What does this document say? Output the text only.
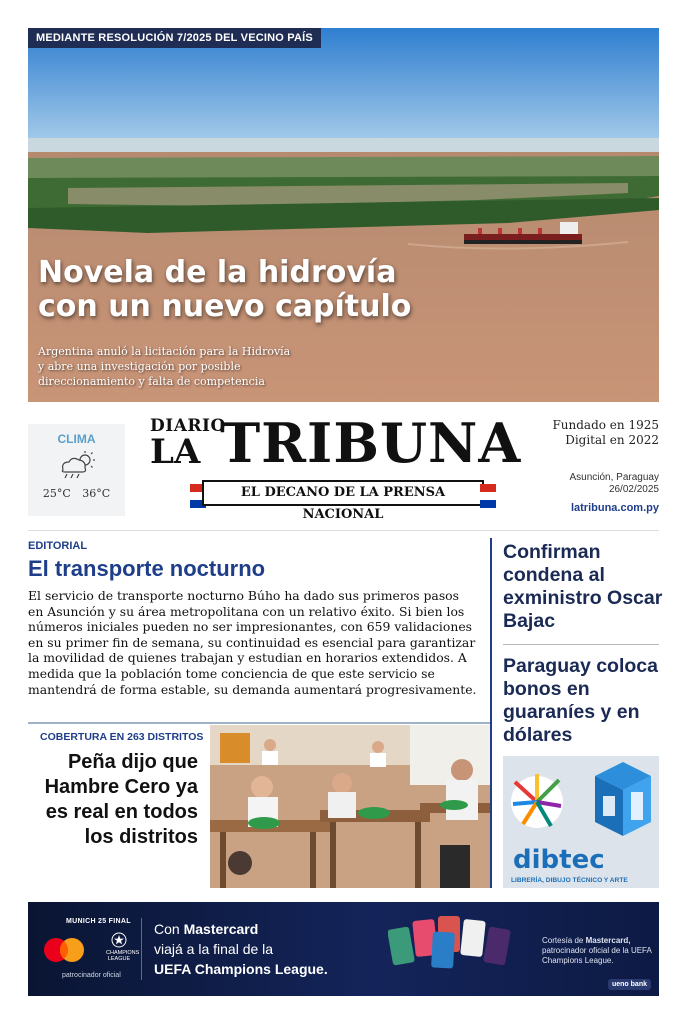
MEDIANTE RESOLUCIÓN 7/2025 DEL VECINO PAÍS
Novela de la hidrovía con un nuevo capítulo
Argentina anuló la licitación para la Hidrovía y abre una investigación por posible direccionamiento y falta de competencia
CLIMA
25°C 36°C
DIARIO
LA TRIBUNA
EL DECANO DE LA PRENSA NACIONAL
Fundado en 1925
Digital en 2022
Asunción, Paraguay
26/02/2025
latribuna.com.py
EDITORIAL
El transporte nocturno
El servicio de transporte nocturno Búho ha dado sus primeros pasos en Asunción y su área metropolitana con un relativo éxito. Si bien los números iniciales pueden no ser impresionantes, con 659 validaciones en su primer fin de semana, su continuidad es esencial para garantizar la movilidad de quienes trabajan y estudian en horarios extendidos. A medida que la población tome conciencia de que este servicio se mantendrá de forma estable, su demanda aumentará progresivamente.
Confirman condena al exministro Oscar Bajac
Paraguay coloca bonos en guaraníes y en dólares
dibtec
LIBRERÍA, DIBUJO TÉCNICO Y ARTE
COBERTURA EN 263 DISTRITOS
Peña dijo que Hambre Cero ya es real en todos los distritos
MUNICH 25 FINAL
patrocinador oficial
CHAMPIONS LEAGUE
Con Mastercard
viajá a la final de la
UEFA Champions League.
Cortesía de Mastercard, patrocinador oficial de la UEFA Champions League.
ueno bank
